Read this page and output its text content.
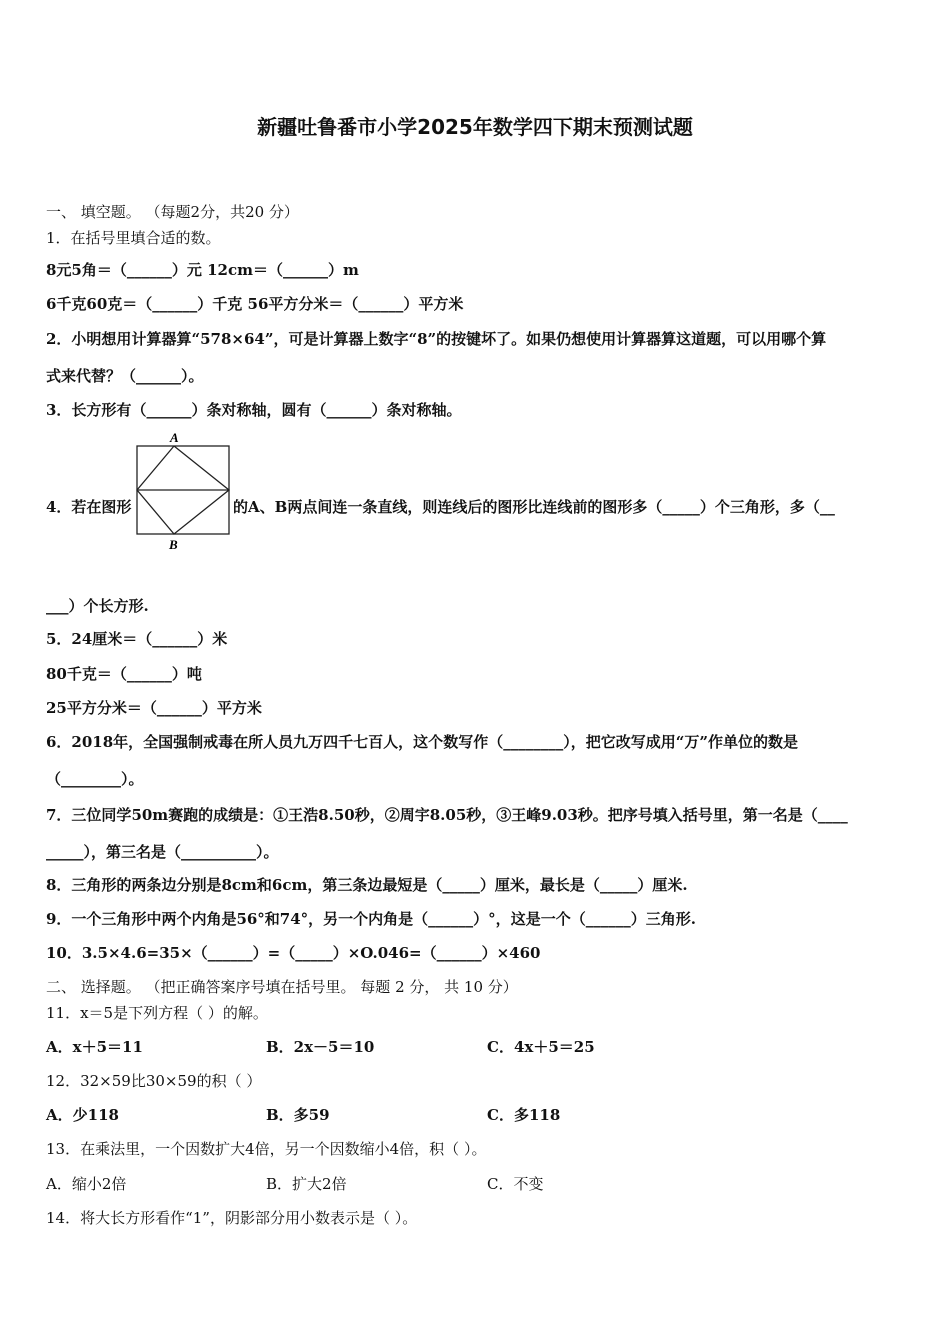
新疆吐鲁番市小学2025年数学四下期末预测试题
一、 填空题。 （每题2分，共20 分）
1．在括号里填合适的数。
8元5角＝（______）元 12cm＝（______）m
6千克60克＝（______）千克 56平方分米＝（______）平方米
2．小明想用计算器算“578×64”，可是计算器上数字“8”的按键坏了。如果仍想使用计算器算这道题，可以用哪个算
式来代替？（______）。
3．长方形有（______）条对称轴，圆有（______）条对称轴。
4．若在图形
A
B
的A、B两点间连一条直线，则连线后的图形比连线前的图形多（_____）个三角形，多（__
___）个长方形.
5．24厘米＝（______）米
80千克＝（______）吨
25平方分米＝（______）平方米
6．2018年，全国强制戒毒在所人员九万四千七百人，这个数写作（________），把它改写成用“万”作单位的数是
（________）。
7．三位同学50m赛跑的成绩是：①王浩8.50秒，②周宇8.05秒，③王峰9.03秒。把序号填入括号里，第一名是（____
_____），第三名是（__________）。
8．三角形的两条边分别是8cm和6cm，第三条边最短是（_____）厘米，最长是（_____）厘米.
9．一个三角形中两个内角是56°和74°，另一个内角是（______）°，这是一个（______）三角形.
10．3.5×4.6=35×（______）=（_____）×O.046=（______）×460
二、 选择题。 （把正确答案序号填在括号里。 每题 2 分， 共 10 分）
11．x＝5是下列方程（ ）的解。
A．x＋5＝11	B．2x－5＝10	C．4x＋5＝25
12．32×59比30×59的积（ ）
A．少118	B．多59	C．多118
13．在乘法里，一个因数扩大4倍，另一个因数缩小4倍，积（ ）。
A．缩小2倍	B．扩大2倍	C．不变
14．将大长方形看作“1”，阴影部分用小数表示是（ ）。
